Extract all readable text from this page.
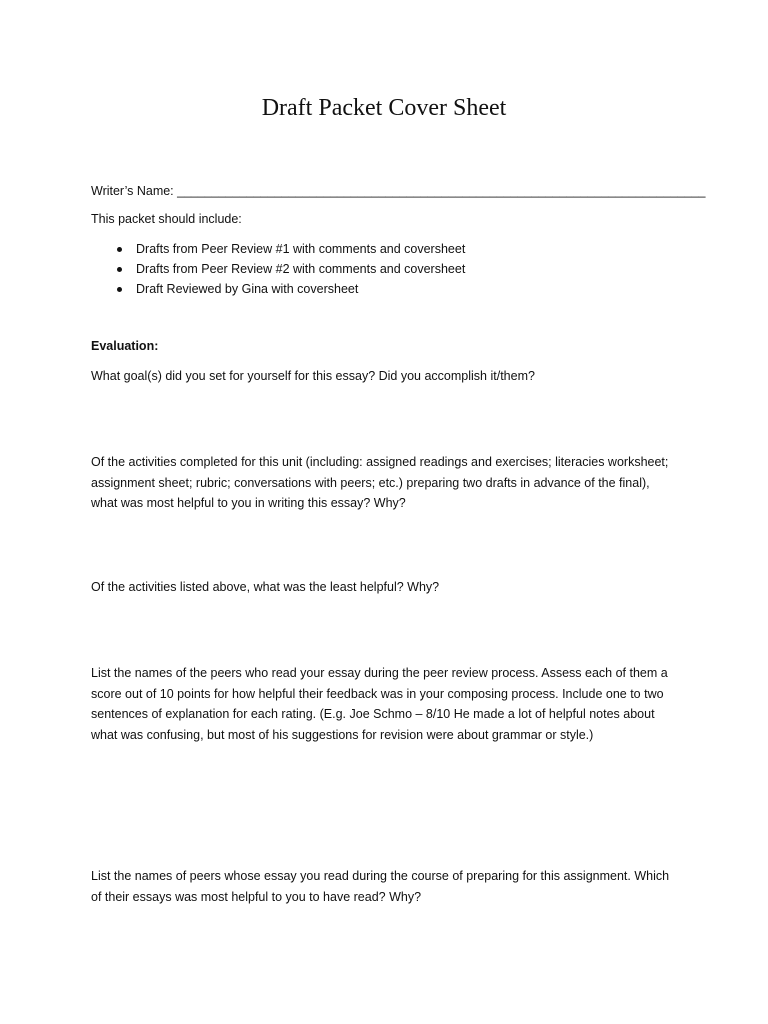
Draft Packet Cover Sheet
Writer’s Name: ____________________________________________________________________________
This packet should include:
Drafts from Peer Review #1 with comments and coversheet
Drafts from Peer Review #2 with comments and coversheet
Draft Reviewed by Gina with coversheet
Evaluation:
What goal(s) did you set for yourself for this essay? Did you accomplish it/them?
Of the activities completed for this unit (including: assigned readings and exercises; literacies worksheet;
assignment sheet; rubric; conversations with peers; etc.) preparing two drafts in advance of the final),
what was most helpful to you in writing this essay? Why?
Of the activities listed above, what was the least helpful? Why?
List the names of the peers who read your essay during the peer review process. Assess each of them a
score out of 10 points for how helpful their feedback was in your composing process. Include one to two
sentences of explanation for each rating. (E.g. Joe Schmo – 8/10 He made a lot of helpful notes about
what was confusing, but most of his suggestions for revision were about grammar or style.)
List the names of peers whose essay you read during the course of preparing for this assignment. Which
of their essays was most helpful to you to have read? Why?
